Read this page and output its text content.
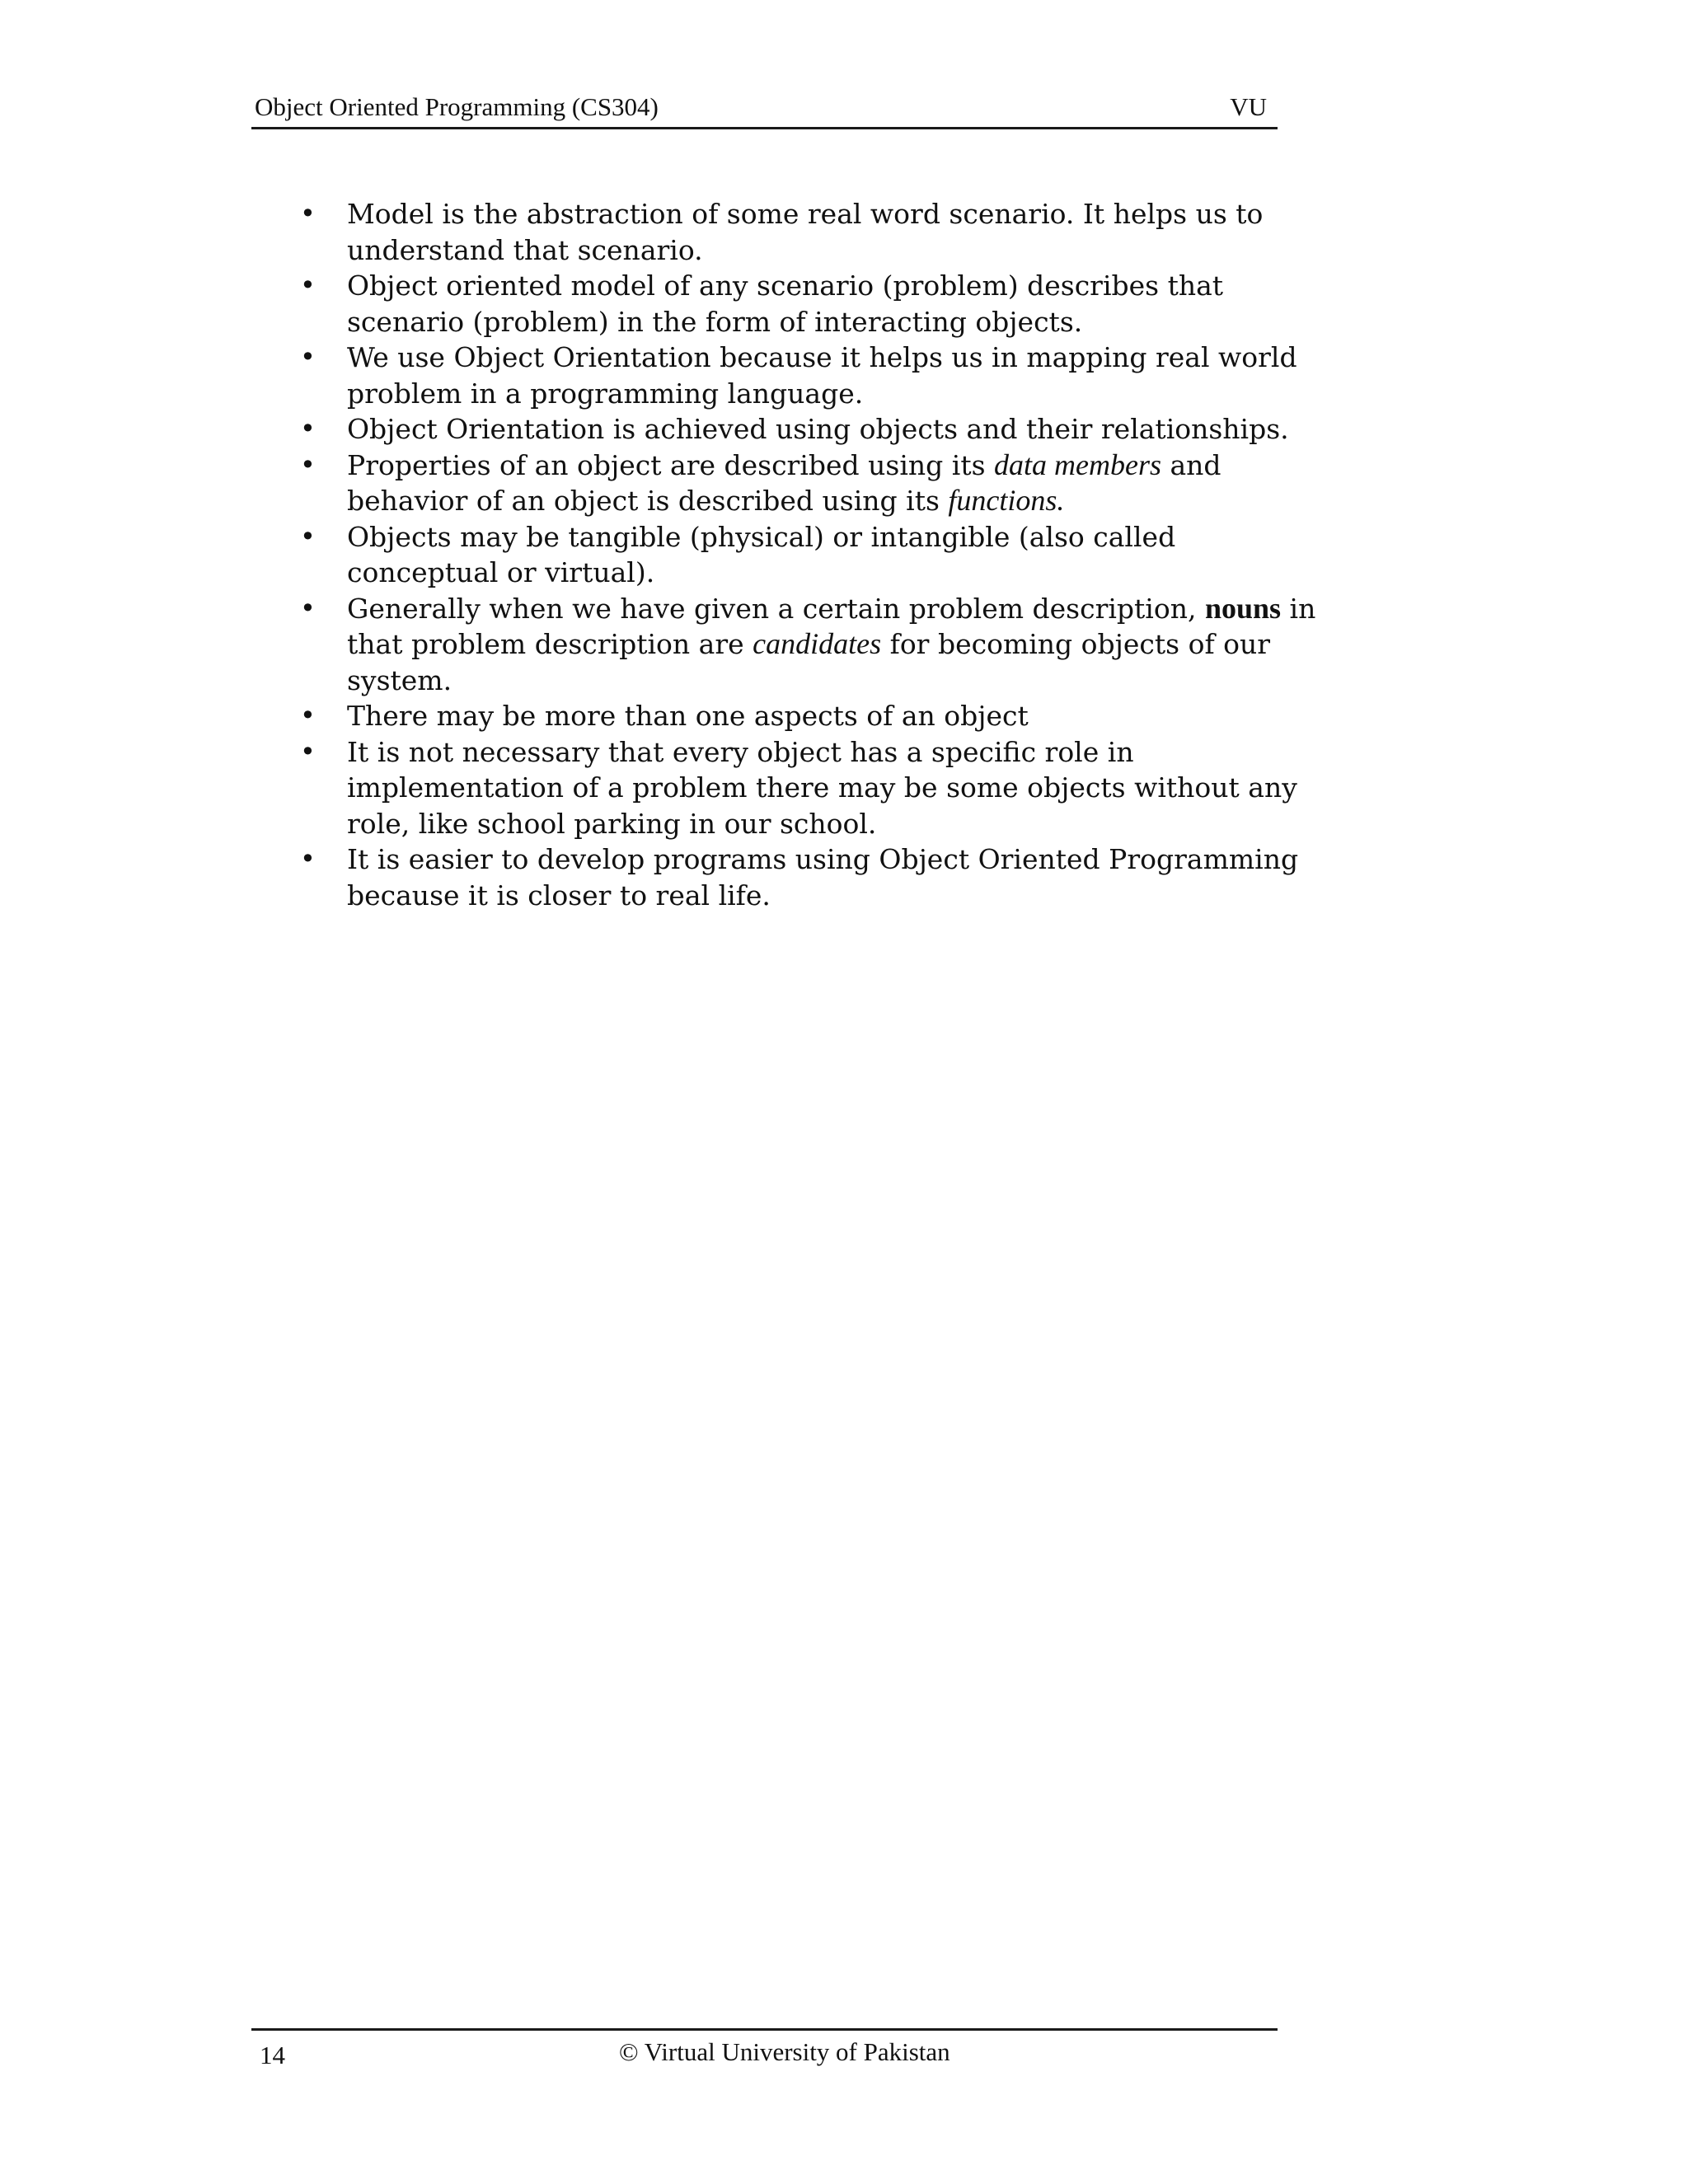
Object Oriented Programming (CS304)	VU
• Model is the abstraction of some real word scenario. It helps us to understand that scenario.
• Object oriented model of any scenario (problem) describes that scenario (problem) in the form of interacting objects.
• We use Object Orientation because it helps us in mapping real world problem in a programming language.
• Object Orientation is achieved using objects and their relationships.
• Properties of an object are described using its data members and behavior of an object is described using its functions.
• Objects may be tangible (physical) or intangible (also called conceptual or virtual).
• Generally when we have given a certain problem description, nouns in that problem description are candidates for becoming objects of our system.
• There may be more than one aspects of an object
• It is not necessary that every object has a specific role in implementation of a problem there may be some objects without any role, like school parking in our school.
• It is easier to develop programs using Object Oriented Programming because it is closer to real life.
14	© Virtual University of Pakistan
